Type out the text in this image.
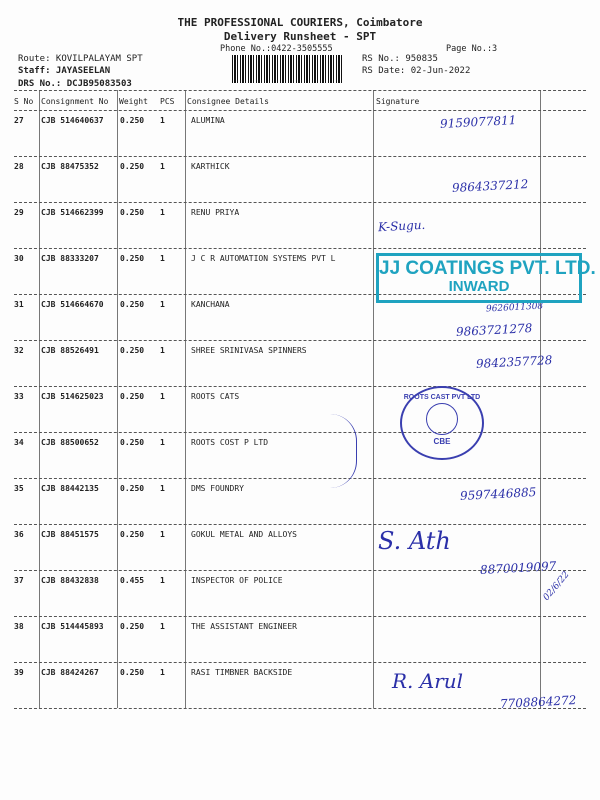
THE PROFESSIONAL COURIERS, Coimbatore
Delivery Runsheet - SPT
Phone No.:0422-3505555	Page No.:3
Route: KOVILPALAYAM SPT
Staff: JAYASEELAN
DRS No.: DCJB95083503
RS No.: 950835
RS Date: 02-Jun-2022
S No Consignment No Weight PCS Consignee Details	Signature
27 CJB 514640637 0.250 1	ALUMINA	9159077811
28 CJB 88475352	0.250 1	KARTHICK
9864337212
29 CJB 514662399 0.250 1	RENU PRIYA
K-Sugu.
30 CJB 88333207	0.250 1	J C R AUTOMATION SYSTEMS PVT L
9626011308
31 CJB 514664670 0.250 1	KANCHANA
9863721278
32 CJB 88526491	0.250 1	SHREE SRINIVASA SPINNERS
9842357728
33 CJB 514625023 0.250 1	ROOTS CATS
34 CJB 88500652	0.250 1	ROOTS COST P LTD
35 CJB 88442135	0.250 1	DMS FOUNDRY	9597446885
36 CJB 88451575	0.250 1	GOKUL METAL AND ALLOYS
8870019097
37 CJB 88432838	0.455 1	INSPECTOR OF POLICE	02/6/22
38 CJB 514445893 0.250 1	THE ASSISTANT ENGINEER
39 CJB 88424267	0.250 1	RASI TIMBNER BACKSIDE
7708864272
JJ COATINGS PVT. LTD.
INWARD
ROOTS CAST PVT LTD
CBE
S. Ath
R. Arul
